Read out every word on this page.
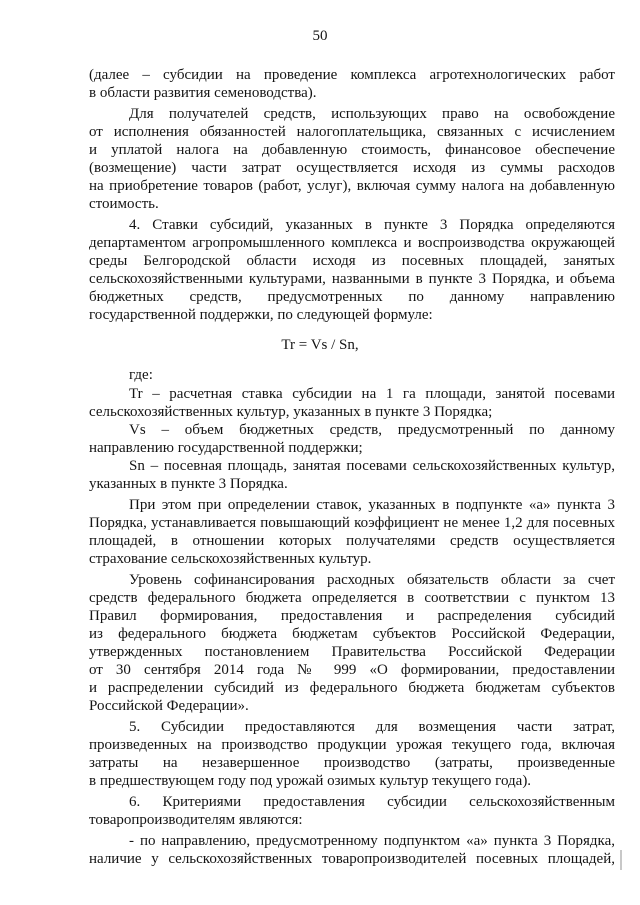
50
(далее – субсидии на проведение комплекса агротехнологических работ
в области развития семеноводства).
Для получателей средств, использующих право на освобождение
от исполнения обязанностей налогоплательщика, связанных с исчислением
и уплатой налога на добавленную стоимость, финансовое обеспечение
(возмещение) части затрат осуществляется исходя из суммы расходов
на приобретение товаров (работ, услуг), включая сумму налога на добавленную
стоимость.
4. Ставки субсидий, указанных в пункте 3 Порядка определяются
департаментом агропромышленного комплекса и воспроизводства окружающей
среды Белгородской области исходя из посевных площадей, занятых
сельскохозяйственными культурами, названными в пункте 3 Порядка, и объема
бюджетных средств, предусмотренных по данному направлению
государственной поддержки, по следующей формуле:
Tr = Vs / Sn,
где:
Tr – расчетная ставка субсидии на 1 га площади, занятой посевами
сельскохозяйственных культур, указанных в пункте 3 Порядка;
Vs – объем бюджетных средств, предусмотренный по данному
направлению государственной поддержки;
Sn – посевная площадь, занятая посевами сельскохозяйственных культур,
указанных в пункте 3 Порядка.
При этом при определении ставок, указанных в подпункте «а» пункта 3
Порядка, устанавливается повышающий коэффициент не менее 1,2 для посевных
площадей, в отношении которых получателями средств осуществляется
страхование сельскохозяйственных культур.
Уровень софинансирования расходных обязательств области за счет
средств федерального бюджета определяется в соответствии с пунктом 13
Правил формирования, предоставления и распределения субсидий
из федерального бюджета бюджетам субъектов Российской Федерации,
утвержденных постановлением Правительства Российской Федерации
от 30 сентября 2014 года № 999 «О формировании, предоставлении
и распределении субсидий из федерального бюджета бюджетам субъектов
Российской Федерации».
5. Субсидии предоставляются для возмещения части затрат,
произведенных на производство продукции урожая текущего года, включая
затраты на незавершенное производство (затраты, произведенные
в предшествующем году под урожай озимых культур текущего года).
6. Критериями предоставления субсидии сельскохозяйственным
товаропроизводителям являются:
- по направлению, предусмотренному подпунктом «а» пункта 3 Порядка,
наличие у сельскохозяйственных товаропроизводителей посевных площадей,
